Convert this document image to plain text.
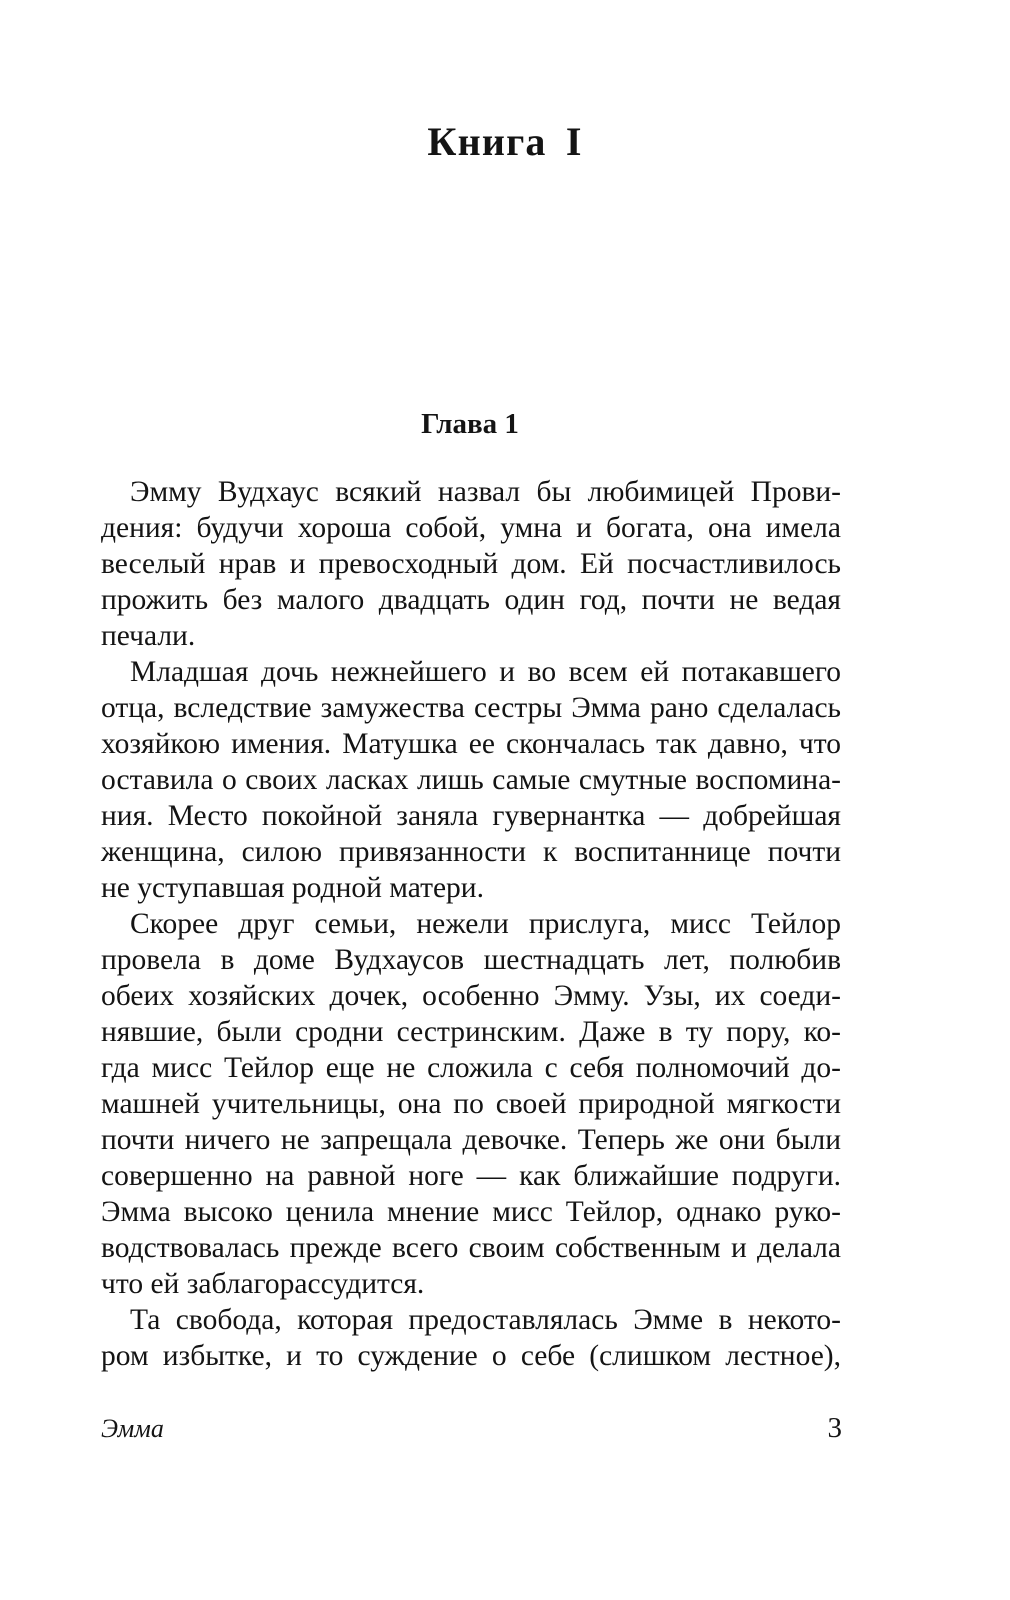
Книга I
Глава 1

Эмму Вудхаус всякий назвал бы любимицей Прови-

дения: будучи хороша собой, умна и богата, она имела

веселый нрав и превосходный дом. Ей посчастливилось

прожить без малого двадцать один год, почти не ведая

печали.

Младшая дочь нежнейшего и во всем ей потакавшего

отца, вследствие замужества сестры Эмма рано сделалась

хозяйкою имения. Матушка ее скончалась так давно, что

оставила о своих ласках лишь самые смутные воспомина-

ния. Место покойной заняла гувернантка — добрейшая

женщина, силою привязанности к воспитаннице почти

не уступавшая родной матери.

Скорее друг семьи, нежели прислуга, мисс Тейлор

провела в доме Вудхаусов шестнадцать лет, полюбив

обеих хозяйских дочек, особенно Эмму. Узы, их соеди-

нявшие, были сродни сестринским. Даже в ту пору, ко-

гда мисс Тейлор еще не сложила с себя полномочий до-

машней учительницы, она по своей природной мягкости

почти ничего не запрещала девочке. Теперь же они были

совершенно на равной ноге — как ближайшие подруги.

Эмма высоко ценила мнение мисс Тейлор, однако руко-

водствовалась прежде всего своим собственным и делала

что ей заблагорассудится.

Та свобода, которая предоставлялась Эмме в некото-

ром избытке, и то суждение о себе (слишком лестное),

Эмма	3
